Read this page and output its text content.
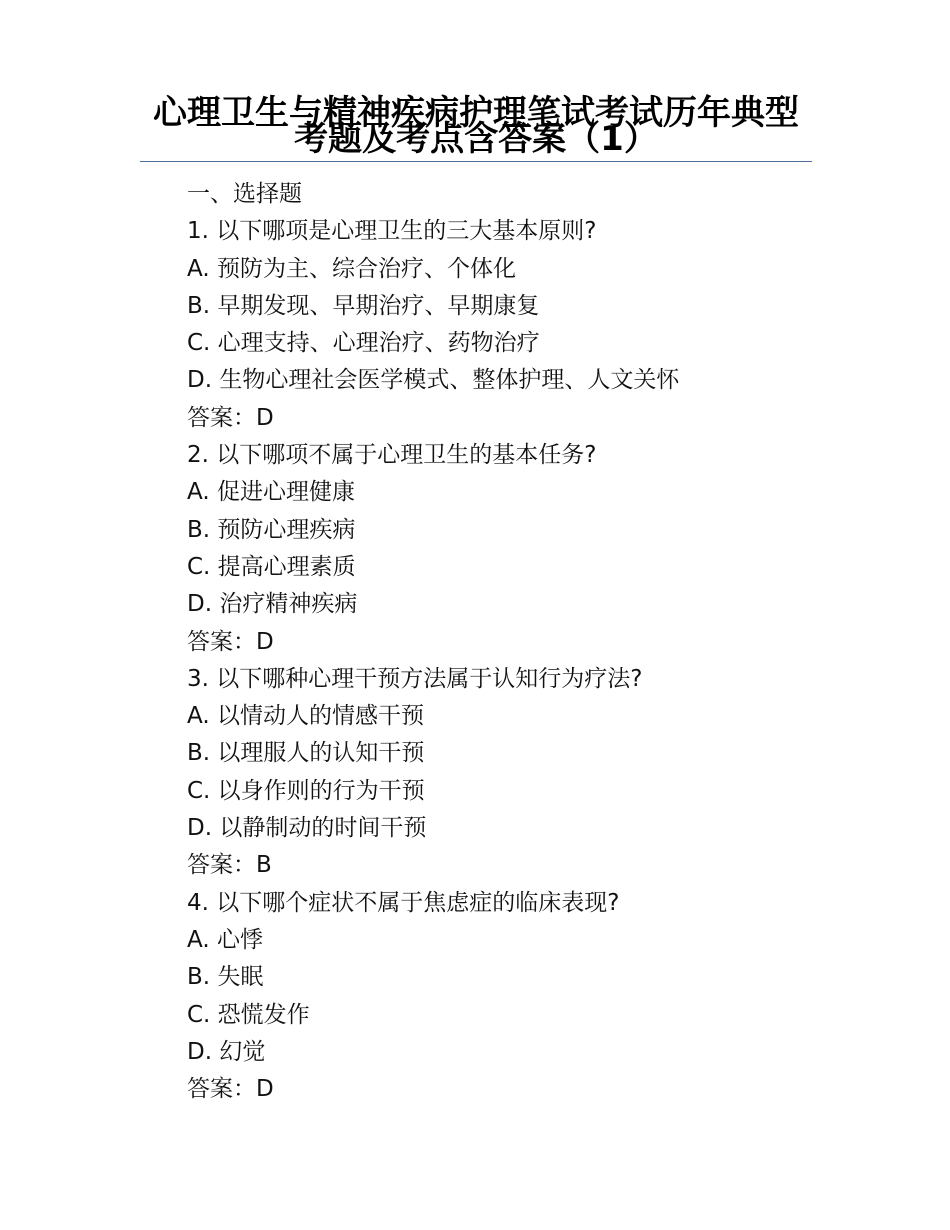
心理卫生与精神疾病护理笔试考试历年典型考题及考点含答案（1）
一、选择题
1. 以下哪项是心理卫生的三大基本原则?
A. 预防为主、综合治疗、个体化
B. 早期发现、早期治疗、早期康复
C. 心理支持、心理治疗、药物治疗
D. 生物心理社会医学模式、整体护理、人文关怀
答案：D
2. 以下哪项不属于心理卫生的基本任务?
A. 促进心理健康
B. 预防心理疾病
C. 提高心理素质
D. 治疗精神疾病
答案：D
3. 以下哪种心理干预方法属于认知行为疗法?
A. 以情动人的情感干预
B. 以理服人的认知干预
C. 以身作则的行为干预
D. 以静制动的时间干预
答案：B
4. 以下哪个症状不属于焦虑症的临床表现?
A. 心悸
B. 失眠
C. 恐慌发作
D. 幻觉
答案：D
